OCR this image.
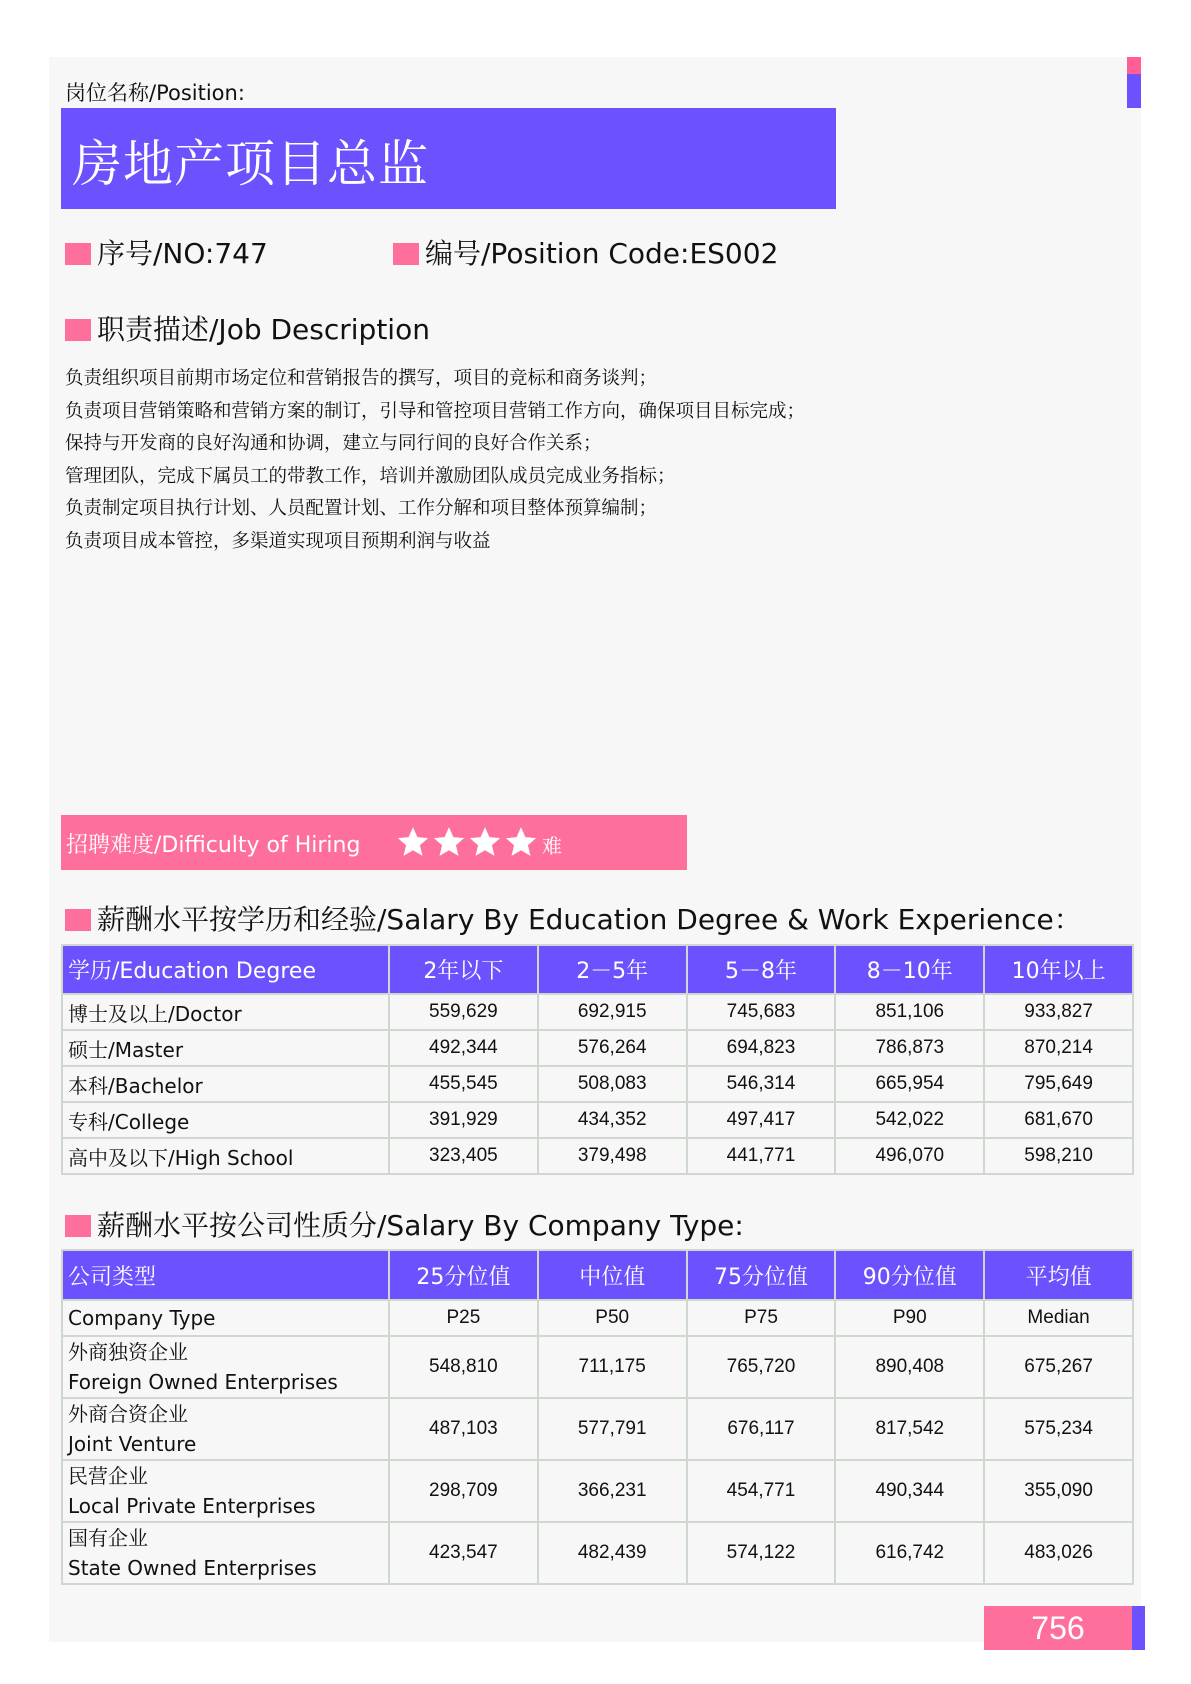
岗位名称/Position:
房地产项目总监
序号/NO:747	编号/Position Code:ES002
职责描述/Job Description
负责组织项目前期市场定位和营销报告的撰写，项目的竞标和商务谈判；
负责项目营销策略和营销方案的制订，引导和管控项目营销工作方向，确保项目目标完成；
保持与开发商的良好沟通和协调，建立与同行间的良好合作关系；
管理团队，完成下属员工的带教工作，培训并激励团队成员完成业务指标；
负责制定项目执行计划、人员配置计划、工作分解和项目整体预算编制；
负责项目成本管控，多渠道实现项目预期利润与收益
招聘难度/Difficulty of Hiring	难
薪酬水平按学历和经验/Salary By Education Degree & Work Experience：
学历/Education Degree	2年以下	2－5年	5－8年	8－10年	10年以上
博士及以上/Doctor	559,629	692,915	745,683	851,106	933,827
硕士/Master	492,344	576,264	694,823	786,873	870,214
本科/Bachelor	455,545	508,083	546,314	665,954	795,649
专科/College	391,929	434,352	497,417	542,022	681,670
高中及以下/High School	323,405	379,498	441,771	496,070	598,210
薪酬水平按公司性质分/Salary By Company Type:
公司类型	25分位值	中位值	75分位值	90分位值	平均值
Company Type	P25	P50	P75	P90	Median

外商独资企业
Foreign Owned Enterprises	548,810	711,175	765,720	890,408	675,267

外商合资企业
Joint Venture	487,103	577,791	676,117	817,542	575,234

民营企业
Local Private Enterprises	298,709	366,231	454,771	490,344	355,090

国有企业
State Owned Enterprises	423,547	482,439	574,122	616,742	483,026
756
